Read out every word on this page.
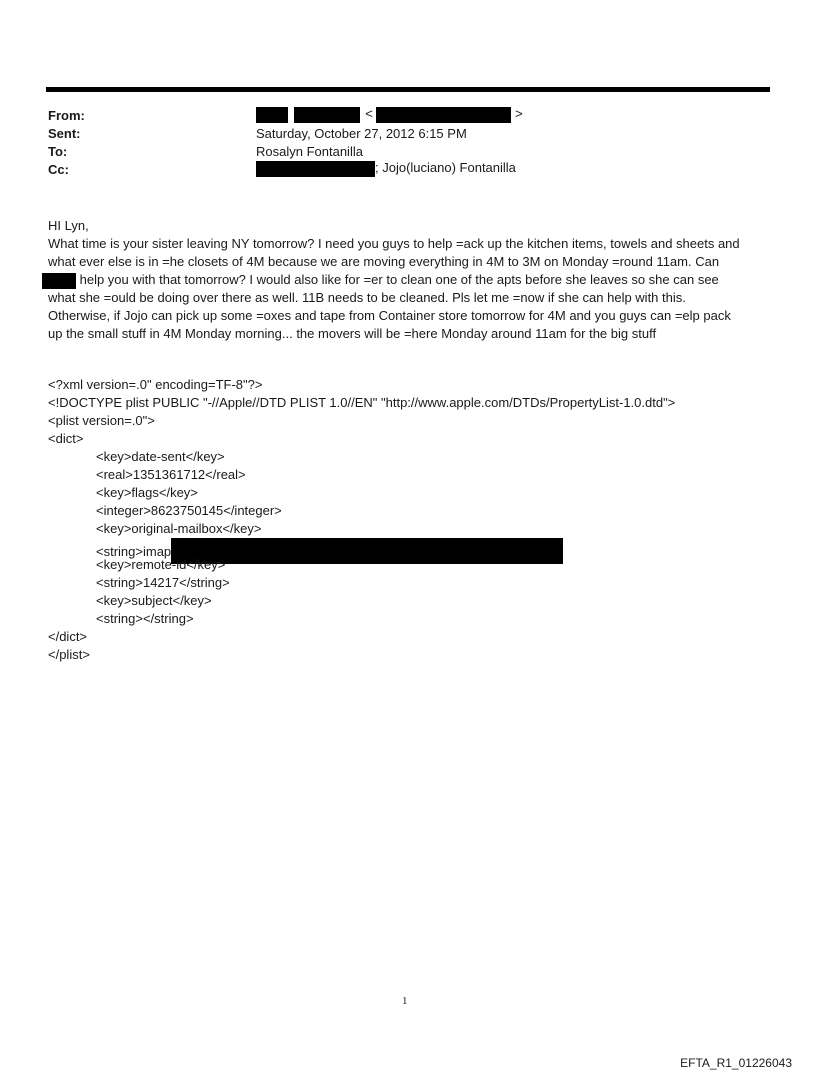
From:	<	>
Sent:	Saturday, October 27, 2012 6:15 PM
To:	Rosalyn Fontanilla
Cc:	; Jojo(luciano) Fontanilla
HI Lyn,
What time is your sister leaving NY tomorrow? I need you guys to help =ack up the kitchen items, towels and sheets and
what ever else is in =he closets of 4M because we are moving everything in 4M to 3M on Monday =round 11am. Can
help you with that tomorrow? I would also like for =er to clean one of the apts before she leaves so she can see
what she =ould be doing over there as well. 11B needs to be cleaned. Pls let me =now if she can help with this.
Otherwise, if Jojo can pick up some =oxes and tape from Container store tomorrow for 4M and you guys can =elp pack
up the small stuff in 4M Monday morning... the movers will be =here Monday around 11am for the big stuff
<?xml version=.0" encoding=TF-8"?>
<!DOCTYPE plist PUBLIC "-//Apple//DTD PLIST 1.0//EN" "http://www.apple.com/DTDs/PropertyList-1.0.dtd">
<plist version=.0">
<dict>
<key>date-sent</key>
<real>1351361712</real>
<key>flags</key>
<integer>8623750145</integer>
<key>original-mailbox</key>
<string>imap
<key>remote-id</key>
<string>14217</string>
<key>subject</key>
<string></string>
</dict>
</plist>
1
EFTA_R1_01226043
